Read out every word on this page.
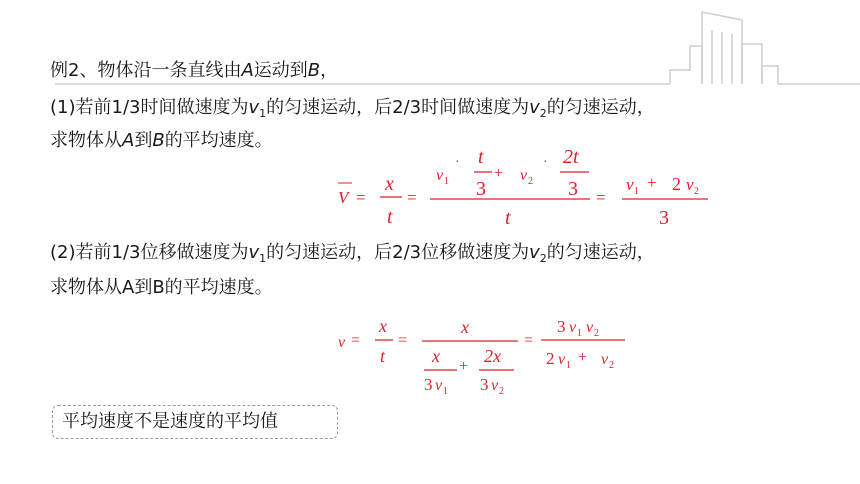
例2、物体沿一条直线由A运动到B，
(1)若前1/3时间做速度为$v_1$的匀速运动，后2/3时间做速度为$v_2$的匀速运动，
求物体从A到B的平均速度。
(2)若前1/3位移做速度为$v_1$的匀速运动，后2/3位移做速度为$v_2$的匀速运动，
求物体从A到B的平均速度。
V =
x
t
=
v 1
· t
3
+ v 2
· 2t
3
t
=
v 1 + 2 v 2
3
v =
x
t
=
x
x
3 v 1
+
2x
3 v 2
=
3 v 1 v 2
2 v 1 + v 2
平均速度不是速度的平均值
